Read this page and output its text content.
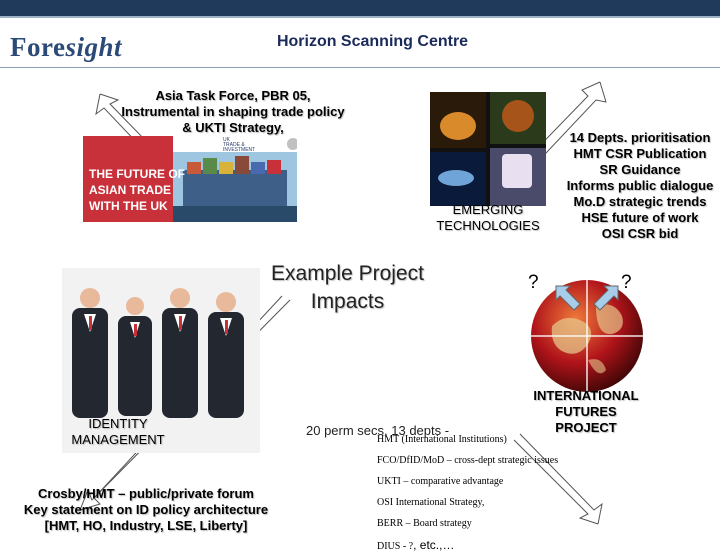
Foresight	Horizon Scanning Centre
Asia Task Force, PBR 05,
Instrumental in shaping trade policy
& UKTI Strategy,
THE FUTURE OF
ASIAN TRADE
WITH THE UK
UK
TRADE &
INVESTMENT
EMERGING
TECHNOLOGIES
14 Depts. prioritisation
HMT CSR Publication
SR Guidance
Informs public dialogue
Mo.D strategic trends
HSE future of work
OSI CSR bid
Example Project
Impacts
IDENTITY
MANAGEMENT
Crosby/HMT – public/private forum
Key statement on ID policy architecture
[HMT, HO, Industry, LSE, Liberty]
?	?
INTERNATIONAL
FUTURES
PROJECT
20 perm secs, 13 depts -
HMT (International Institutions)
FCO/DfID/MoD – cross-dept strategic issues
UKTI – comparative advantage
OSI International Strategy,
BERR – Board strategy
DIUS - ?, etc.,…
